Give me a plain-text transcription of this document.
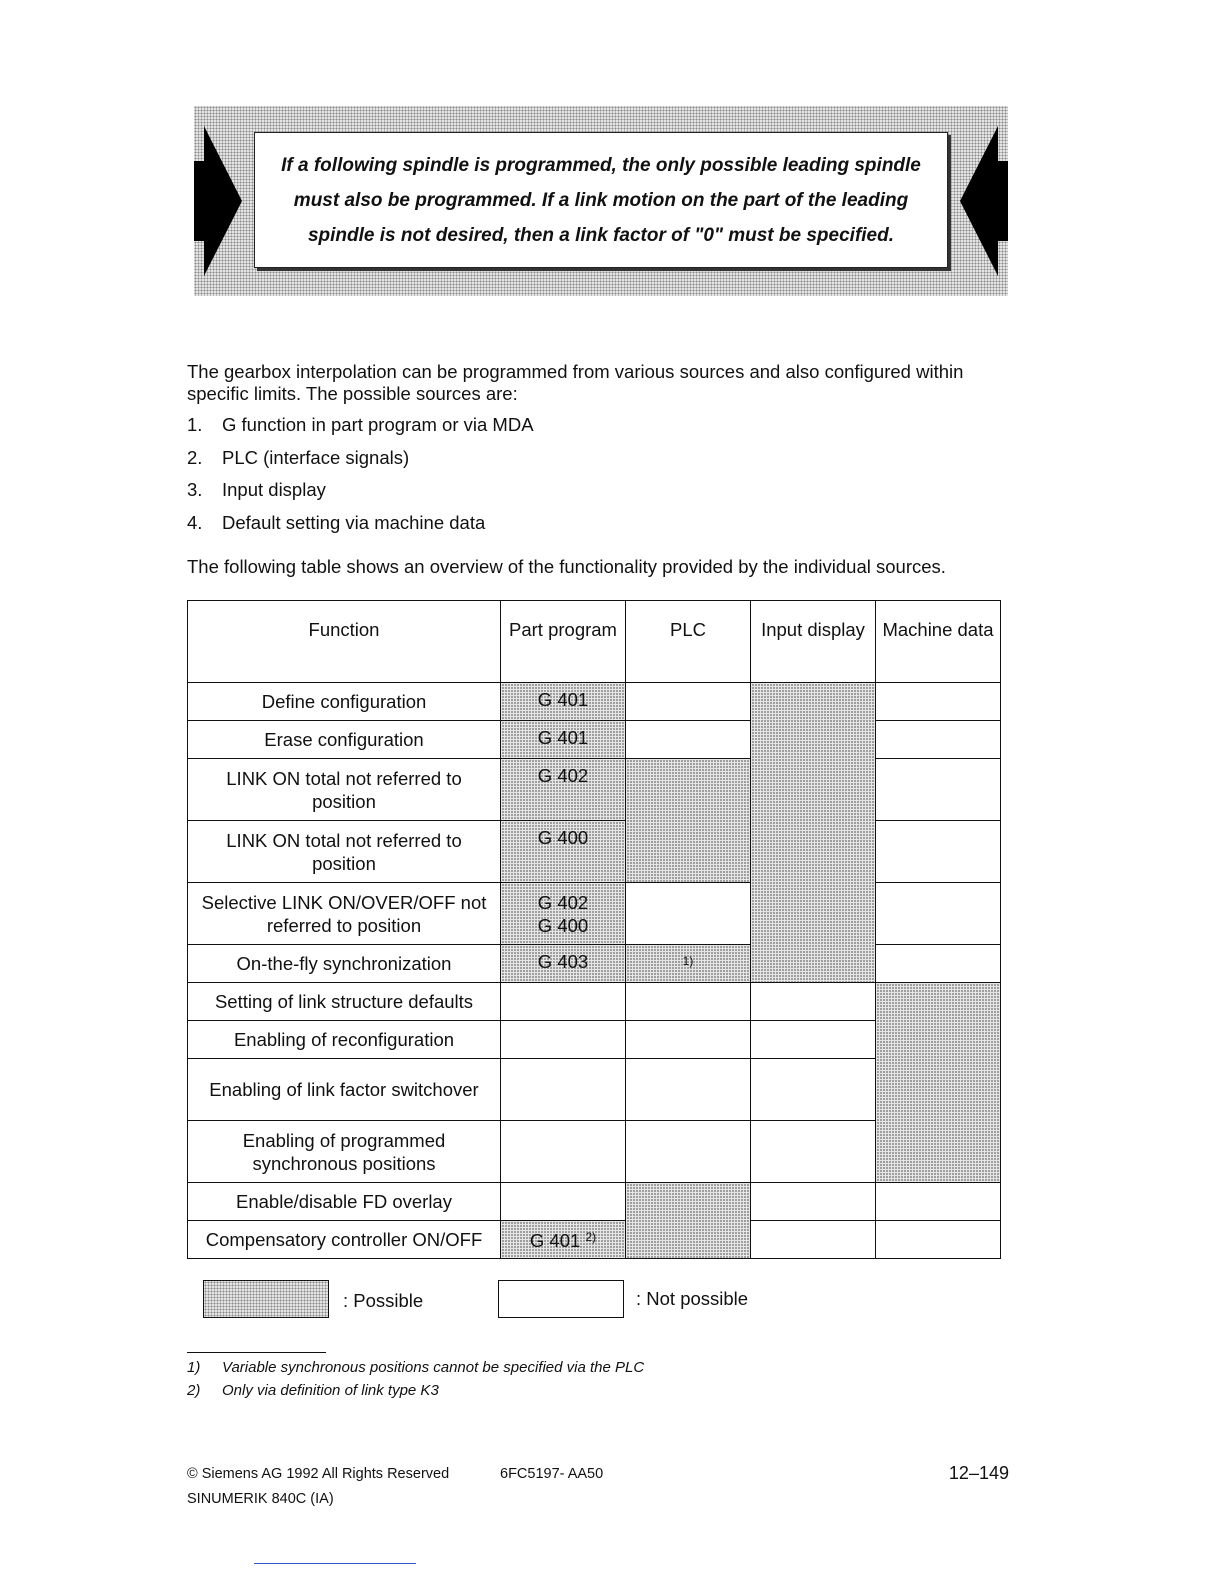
If a following spindle is programmed, the only possible leading spindle
must also be programmed. If a link motion on the part of the leading
spindle is not desired, then a link factor of "0" must be specified.

The gearbox interpolation can be programmed from various sources and also configured within specific limits. The possible sources are:

1.	G function in part program or via MDA
2.	PLC (interface signals)
3.	Input display
4.	Default setting via machine data

The following table shows an overview of the functionality provided by the individual sources.

Function	Part program	PLC	Input display	Machine data
Define configuration	G 401			
Erase configuration	G 401			
LINK ON total not referred to position	G 402			
LINK ON total not referred to position	G 400			
Selective LINK ON/OVER/OFF not referred to position	G 402
G 400			

On-the-fly synchronization	G 403	$^{1)}$	
Setting of link structure defaults				
Enabling of reconfiguration				
Enabling of link factor switchover				
Enabling of programmed synchronous positions				
Enable/disable FD overlay				
Compensatory controller ON/OFF	G 401 $^{2)}$		
: Possible	: Not possible
1)	Variable synchronous positions cannot be specified via the PLC
2)	Only via definition of link type K3
© Siemens AG 1992 All Rights Reserved	6FC5197- AA50
SINUMERIK 840C (IA)
12–149
